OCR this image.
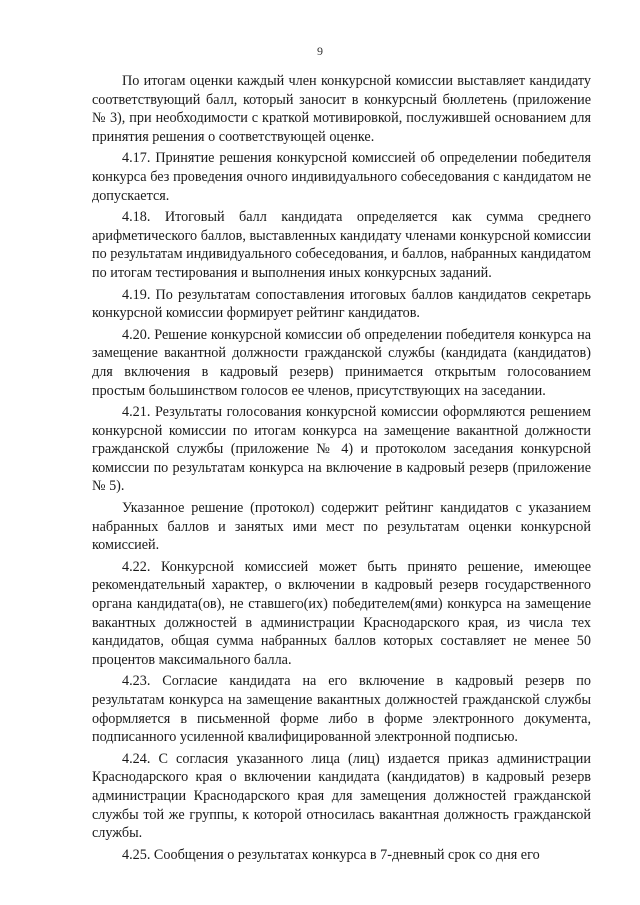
9

По итогам оценки каждый член конкурсной комиссии выставляет кандидату соответствующий балл, который заносит в конкурсный бюллетень (приложение № 3), при необходимости с краткой мотивировкой, послужившей основанием для принятия решения о соответствующей оценке.

4.17. Принятие решения конкурсной комиссией об определении победителя конкурса без проведения очного индивидуального собеседования с кандидатом не допускается.

4.18. Итоговый балл кандидата определяется как сумма среднего арифметического баллов, выставленных кандидату членами конкурсной комиссии по результатам индивидуального собеседования, и баллов, набранных кандидатом по итогам тестирования и выполнения иных конкурсных заданий.

4.19. По результатам сопоставления итоговых баллов кандидатов секретарь конкурсной комиссии формирует рейтинг кандидатов.

4.20. Решение конкурсной комиссии об определении победителя конкурса на замещение вакантной должности гражданской службы (кандидата (кандидатов) для включения в кадровый резерв) принимается открытым голосованием простым большинством голосов ее членов, присутствующих на заседании.

4.21. Результаты голосования конкурсной комиссии оформляются решением конкурсной комиссии по итогам конкурса на замещение вакантной должности гражданской службы (приложение № 4) и протоколом заседания конкурсной комиссии по результатам конкурса на включение в кадровый резерв (приложение № 5).

Указанное решение (протокол) содержит рейтинг кандидатов с указанием набранных баллов и занятых ими мест по результатам оценки конкурсной комиссией.

4.22. Конкурсной комиссией может быть принято решение, имеющее рекомендательный характер, о включении в кадровый резерв государственного органа кандидата(ов), не ставшего(их) победителем(ями) конкурса на замещение вакантных должностей в администрации Краснодарского края, из числа тех кандидатов, общая сумма набранных баллов которых составляет не менее 50 процентов максимального балла.

4.23. Согласие кандидата на его включение в кадровый резерв по результатам конкурса на замещение вакантных должностей гражданской службы оформляется в письменной форме либо в форме электронного документа, подписанного усиленной квалифицированной электронной подписью.

4.24. С согласия указанного лица (лиц) издается приказ администрации Краснодарского края о включении кандидата (кандидатов) в кадровый резерв администрации Краснодарского края для замещения должностей гражданской службы той же группы, к которой относилась вакантная должность гражданской службы.

4.25. Сообщения о результатах конкурса в 7-дневный срок со дня его
